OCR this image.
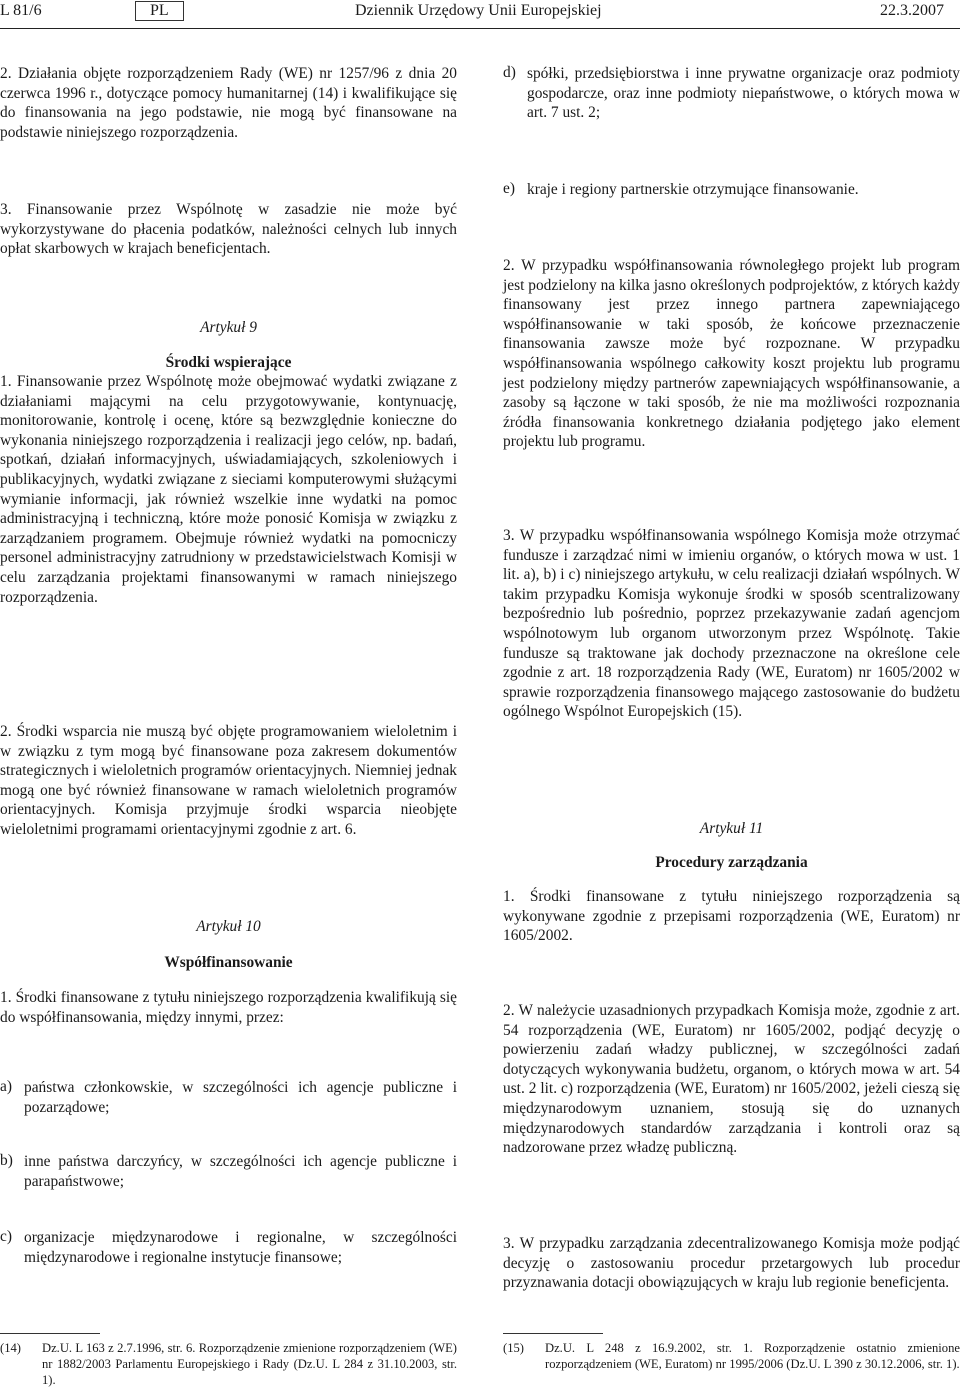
L 81/6	PL	Dziennik Urzędowy Unii Europejskiej	22.3.2007

2. Działania objęte rozporządzeniem Rady (WE) nr 1257/96 z dnia 20 czerwca 1996 r., dotyczące pomocy humanitarnej (14) i kwalifikujące się do finansowania na jego podstawie, nie mogą być finansowane na podstawie niniejszego rozporządzenia.

3. Finansowanie przez Wspólnotę w zasadzie nie może być wykorzystywane do płacenia podatków, należności celnych lub innych opłat skarbowych w krajach beneficjentach.

Artykuł 9
Środki wspierające

1. Finansowanie przez Wspólnotę może obejmować wydatki związane z działaniami mającymi na celu przygotowywanie, kontynuację, monitorowanie, kontrolę i ocenę, które są bezwzględnie konieczne do wykonania niniejszego rozporządzenia i realizacji jego celów, np. badań, spotkań, działań informacyjnych, uświadamiających, szkoleniowych i publikacyjnych, wydatki związane z sieciami komputerowymi służącymi wymianie informacji, jak również wszelkie inne wydatki na pomoc administracyjną i techniczną, które może ponosić Komisja w związku z zarządzaniem programem. Obejmuje również wydatki na pomocniczy personel administracyjny zatrudniony w przedstawicielstwach Komisji w celu zarządzania projektami finansowanymi w ramach niniejszego rozporządzenia.

2. Środki wsparcia nie muszą być objęte programowaniem wieloletnim i w związku z tym mogą być finansowane poza zakresem dokumentów strategicznych i wieloletnich programów orientacyjnych. Niemniej jednak mogą one być również finansowane w ramach wieloletnich programów orientacyjnych. Komisja przyjmuje środki wsparcia nieobjęte wieloletnimi programami orientacyjnymi zgodnie z art. 6.

Artykuł 10
Współfinansowanie

1. Środki finansowane z tytułu niniejszego rozporządzenia kwalifikują się do współfinansowania, między innymi, przez:

a) państwa członkowskie, w szczególności ich agencje publiczne i pozarządowe;

b) inne państwa darczyńcy, w szczególności ich agencje publiczne i parapaństwowe;

c) organizacje międzynarodowe i regionalne, w szczególności międzynarodowe i regionalne instytucje finansowe;

(14)	Dz.U. L 163 z 2.7.1996, str. 6. Rozporządzenie zmienione rozporządzeniem (WE) nr 1882/2003 Parlamentu Europejskiego i Rady (Dz.U. L 284 z 31.10.2003, str. 1).
d) spółki, przedsiębiorstwa i inne prywatne organizacje oraz podmioty gospodarcze, oraz inne podmioty niepaństwowe, o których mowa w art. 7 ust. 2;

e) kraje i regiony partnerskie otrzymujące finansowanie.

2. W przypadku współfinansowania równoległego projekt lub program jest podzielony na kilka jasno określonych podprojektów, z których każdy finansowany jest przez innego partnera zapewniającego współfinansowanie w taki sposób, że końcowe przeznaczenie finansowania zawsze może być rozpoznane. W przypadku współfinansowania wspólnego całkowity koszt projektu lub programu jest podzielony między partnerów zapewniających współfinansowanie, a zasoby są łączone w taki sposób, że nie ma możliwości rozpoznania źródła finansowania konkretnego działania podjętego jako element projektu lub programu.

3. W przypadku współfinansowania wspólnego Komisja może otrzymać fundusze i zarządzać nimi w imieniu organów, o których mowa w ust. 1 lit. a), b) i c) niniejszego artykułu, w celu realizacji działań wspólnych. W takim przypadku Komisja wykonuje środki w sposób scentralizowany bezpośrednio lub pośrednio, poprzez przekazywanie zadań agencjom wspólnotowym lub organom utworzonym przez Wspólnotę. Takie fundusze są traktowane jak dochody przeznaczone na określone cele zgodnie z art. 18 rozporządzenia Rady (WE, Euratom) nr 1605/2002 w sprawie rozporządzenia finansowego mającego zastosowanie do budżetu ogólnego Wspólnot Europejskich (15).

Artykuł 11
Procedury zarządzania

1. Środki finansowane z tytułu niniejszego rozporządzenia są wykonywane zgodnie z przepisami rozporządzenia (WE, Euratom) nr 1605/2002.

2. W należycie uzasadnionych przypadkach Komisja może, zgodnie z art. 54 rozporządzenia (WE, Euratom) nr 1605/2002, podjąć decyzję o powierzeniu zadań władzy publicznej, w szczególności zadań dotyczących wykonywania budżetu, organom, o których mowa w art. 54 ust. 2 lit. c) rozporządzenia (WE, Euratom) nr 1605/2002, jeżeli cieszą się międzynarodowym uznaniem, stosują się do uznanych międzynarodowych standardów zarządzania i kontroli oraz są nadzorowane przez władzę publiczną.

3. W przypadku zarządzania zdecentralizowanego Komisja może podjąć decyzję o zastosowaniu procedur przetargowych lub procedur przyznawania dotacji obowiązujących w kraju lub regionie beneficjenta.

(15)	Dz.U. L 248 z 16.9.2002, str. 1. Rozporządzenie ostatnio zmienione rozporządzeniem (WE, Euratom) nr 1995/2006 (Dz.U. L 390 z 30.12.2006, str. 1).
